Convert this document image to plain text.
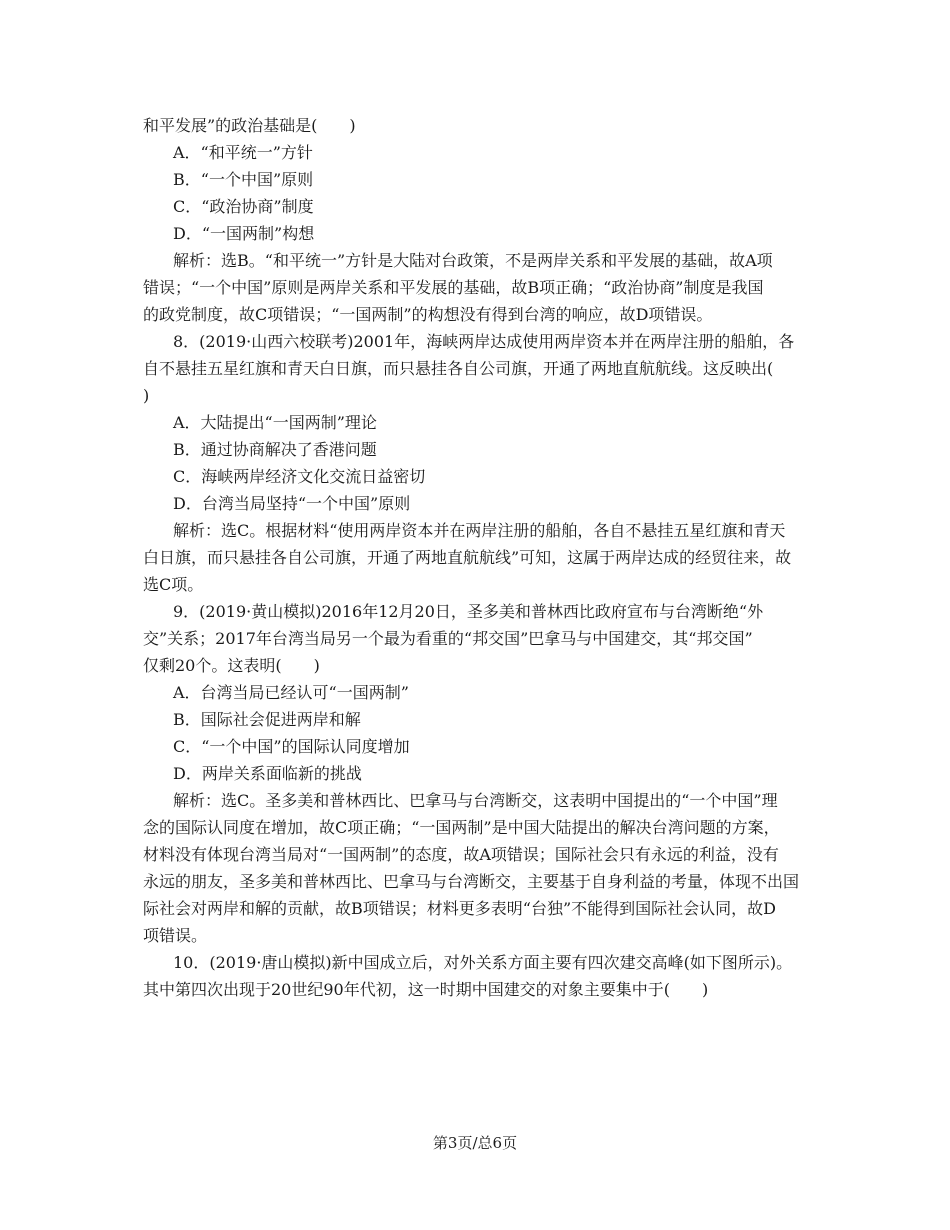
和平发展”的政治基础是(　　)
A．“和平统一”方针
B．“一个中国”原则
C．“政治协商”制度
D．“一国两制”构想
解析：选B。“和平统一”方针是大陆对台政策，不是两岸关系和平发展的基础，故A项
错误；“一个中国”原则是两岸关系和平发展的基础，故B项正确；“政治协商”制度是我国
的政党制度，故C项错误；“一国两制”的构想没有得到台湾的响应，故D项错误。
8．(2019·山西六校联考)2001年，海峡两岸达成使用两岸资本并在两岸注册的船舶，各
自不悬挂五星红旗和青天白日旗，而只悬挂各自公司旗，开通了两地直航航线。这反映出(
)
A．大陆提出“一国两制”理论
B．通过协商解决了香港问题
C．海峡两岸经济文化交流日益密切
D．台湾当局坚持“一个中国”原则
解析：选C。根据材料“使用两岸资本并在两岸注册的船舶，各自不悬挂五星红旗和青天
白日旗，而只悬挂各自公司旗，开通了两地直航航线”可知，这属于两岸达成的经贸往来，故
选C项。
9．(2019·黄山模拟)2016年12月20日，圣多美和普林西比政府宣布与台湾断绝“外
交”关系；2017年台湾当局另一个最为看重的“邦交国”巴拿马与中国建交，其“邦交国”
仅剩20个。这表明(　　)
A．台湾当局已经认可“一国两制”
B．国际社会促进两岸和解
C．“一个中国”的国际认同度增加
D．两岸关系面临新的挑战
解析：选C。圣多美和普林西比、巴拿马与台湾断交，这表明中国提出的“一个中国”理
念的国际认同度在增加，故C项正确；“一国两制”是中国大陆提出的解决台湾问题的方案，
材料没有体现台湾当局对“一国两制”的态度，故A项错误；国际社会只有永远的利益，没有
永远的朋友，圣多美和普林西比、巴拿马与台湾断交，主要基于自身利益的考量，体现不出国
际社会对两岸和解的贡献，故B项错误；材料更多表明“台独”不能得到国际社会认同，故D
项错误。
10．(2019·唐山模拟)新中国成立后，对外关系方面主要有四次建交高峰(如下图所示)。
其中第四次出现于20世纪90年代初，这一时期中国建交的对象主要集中于(　　)
第3页/总6页
